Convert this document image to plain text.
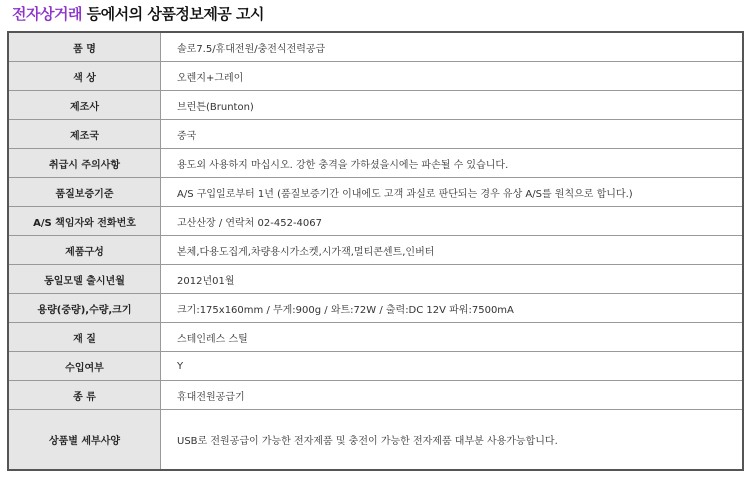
전자상거래 등에서의 상품정보제공 고시
품 명	솔로7.5/휴대전원/충전식전력공급
색 상	오렌지+그레이
제조사	브런튼(Brunton)
제조국	중국
취급시 주의사항	용도외 사용하지 마십시오. 강한 충격을 가하셨을시에는 파손될 수 있습니다.
품질보증기준	A/S 구입일로부터 1년 (품질보증기간 이내에도 고객 과실로 판단되는 경우 유상 A/S를 원칙으로 합니다.)
A/S 책임자와 전화번호	고산산장 / 연락처 02-452-4067
제품구성	본체,다용도집게,차량용시가소켓,시가잭,멀티콘센트,인버터
동일모델 출시년월	2012년01월
용량(중량),수량,크기	크기:175x160mm / 무게:900g / 와트:72W / 출력:DC 12V 파워:7500mA
재 질	스테인레스 스틸
수입여부	Y
종 류	휴대전원공급기
상품별 세부사양	USB로 전원공급이 가능한 전자제품 및 충전이 가능한 전자제품 대부분 사용가능합니다.
